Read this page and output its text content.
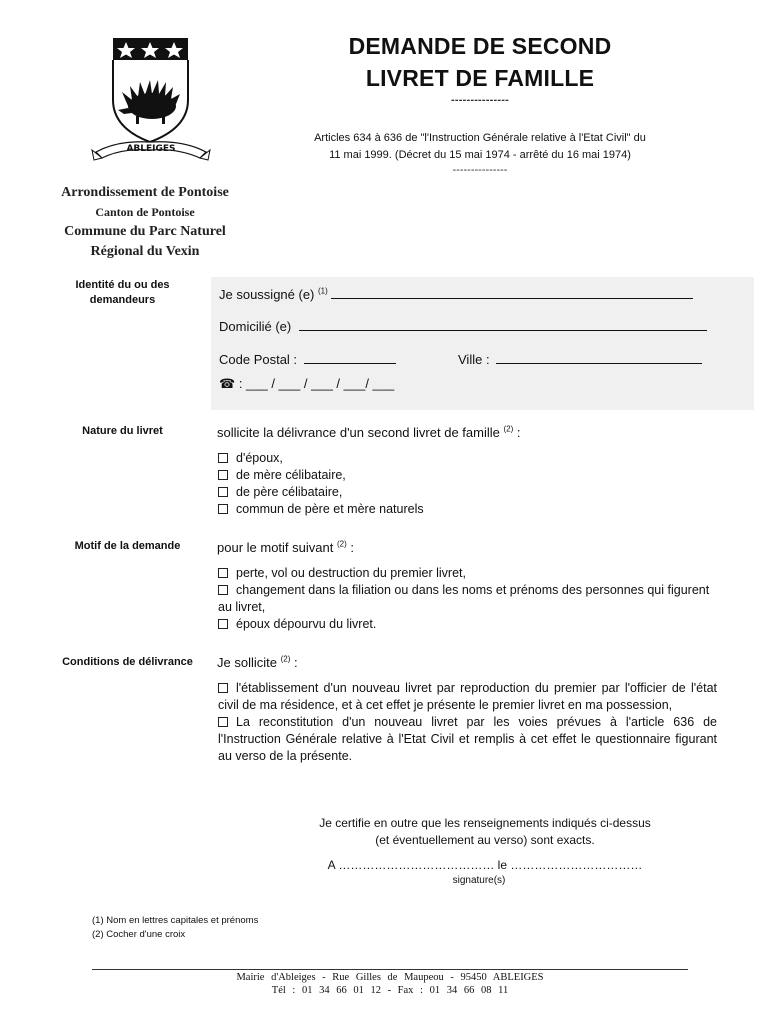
ABLEIGES
DEMANDE DE SECOND
LIVRET DE FAMILLE
---------------
Articles 634 à 636 de "l'Instruction Générale relative à l'Etat Civil" du
11 mai 1999. (Décret du 15 mai 1974 - arrêté du 16 mai 1974)
---------------
Arrondissement de Pontoise
Canton de Pontoise
Commune du Parc Naturel
Régional du Vexin
Identité du ou des demandeurs	Je soussigné (e) $^{(1)}$
Domicilié (e)
Code Postal :	Ville :
☎ : ___ / ___ / ___ / ___/ ___
Nature du livret	sollicite la délivrance d'un second livret de famille $^{(2)}$ :
d'époux,
de mère célibataire,
de père célibataire,
commun de père et mère naturels
Motif de la demande	pour le motif suivant $^{(2)}$ :
perte, vol ou destruction du premier livret,
changement dans la filiation ou dans les noms et prénoms des personnes qui figurent au livret,
époux dépourvu du livret.
Conditions de délivrance	Je sollicite $^{(2)}$ :
l'établissement d'un nouveau livret par reproduction du premier par l'officier de l'état civil de ma résidence, et à cet effet je présente le premier livret en ma possession,
La reconstitution d'un nouveau livret par les voies prévues à l'article 636 de l'Instruction Générale relative à l'Etat Civil et remplis à cet effet le questionnaire figurant au verso de la présente.
Je certifie en outre que les renseignements indiqués ci-dessus
(et éventuellement au verso) sont exacts.
A ………………………………… le ……………………………
signature(s)
(1) Nom en lettres capitales et prénoms
(2) Cocher d'une croix
Mairie d'Ableiges - Rue Gilles de Maupeou - 95450 ABLEIGES
Tél : 01 34 66 01 12 - Fax : 01 34 66 08 11
